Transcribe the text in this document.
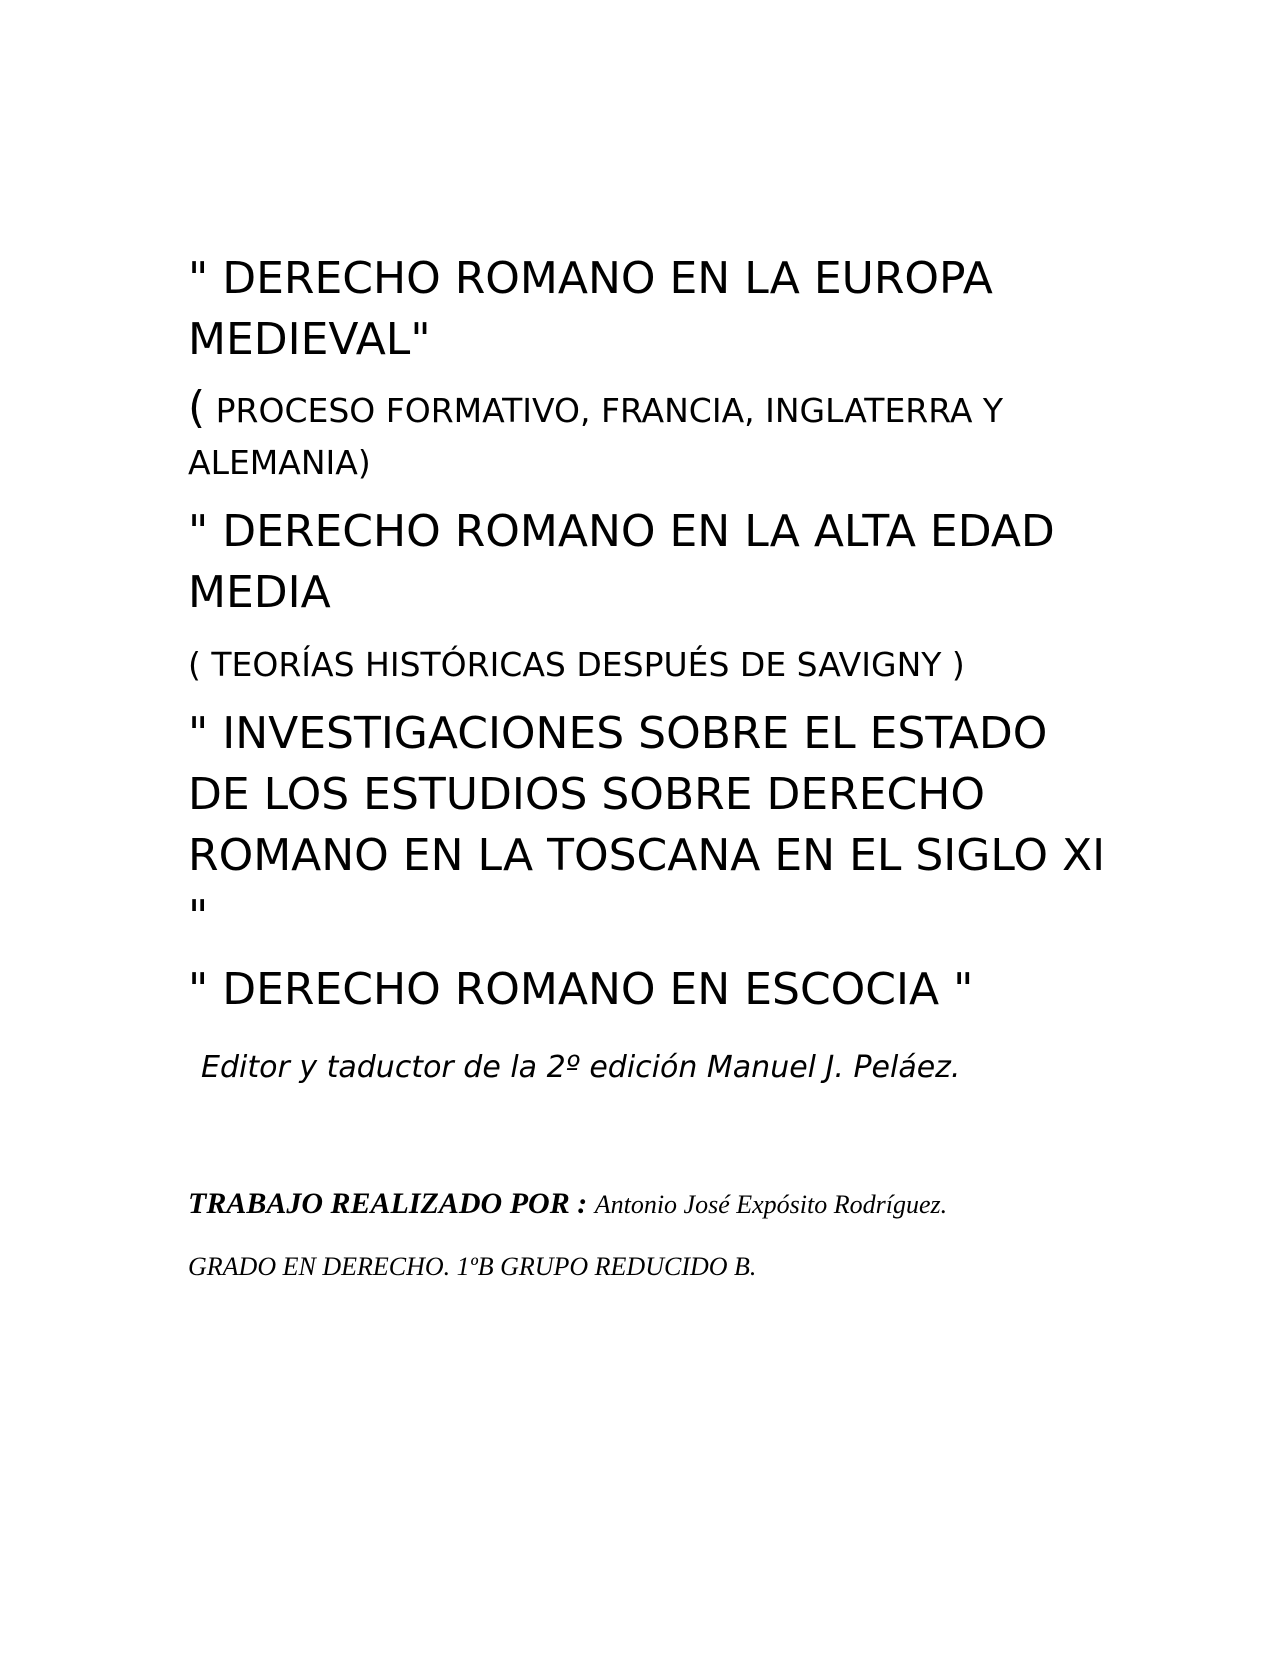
" DERECHO ROMANO EN LA EUROPA MEDIEVAL"

( PROCESO FORMATIVO, FRANCIA, INGLATERRA Y ALEMANIA)

" DERECHO ROMANO EN LA ALTA EDAD MEDIA

( TEORÍAS HISTÓRICAS DESPUÉS DE SAVIGNY )

" INVESTIGACIONES SOBRE EL ESTADO DE LOS ESTUDIOS SOBRE DERECHO ROMANO EN LA TOSCANA EN EL SIGLO XI "

" DERECHO ROMANO EN ESCOCIA "

Editor y taductor de la 2º edición Manuel J. Peláez.

TRABAJO REALIZADO POR : Antonio José Expósito Rodríguez.

GRADO EN DERECHO. 1ºB GRUPO REDUCIDO B.
